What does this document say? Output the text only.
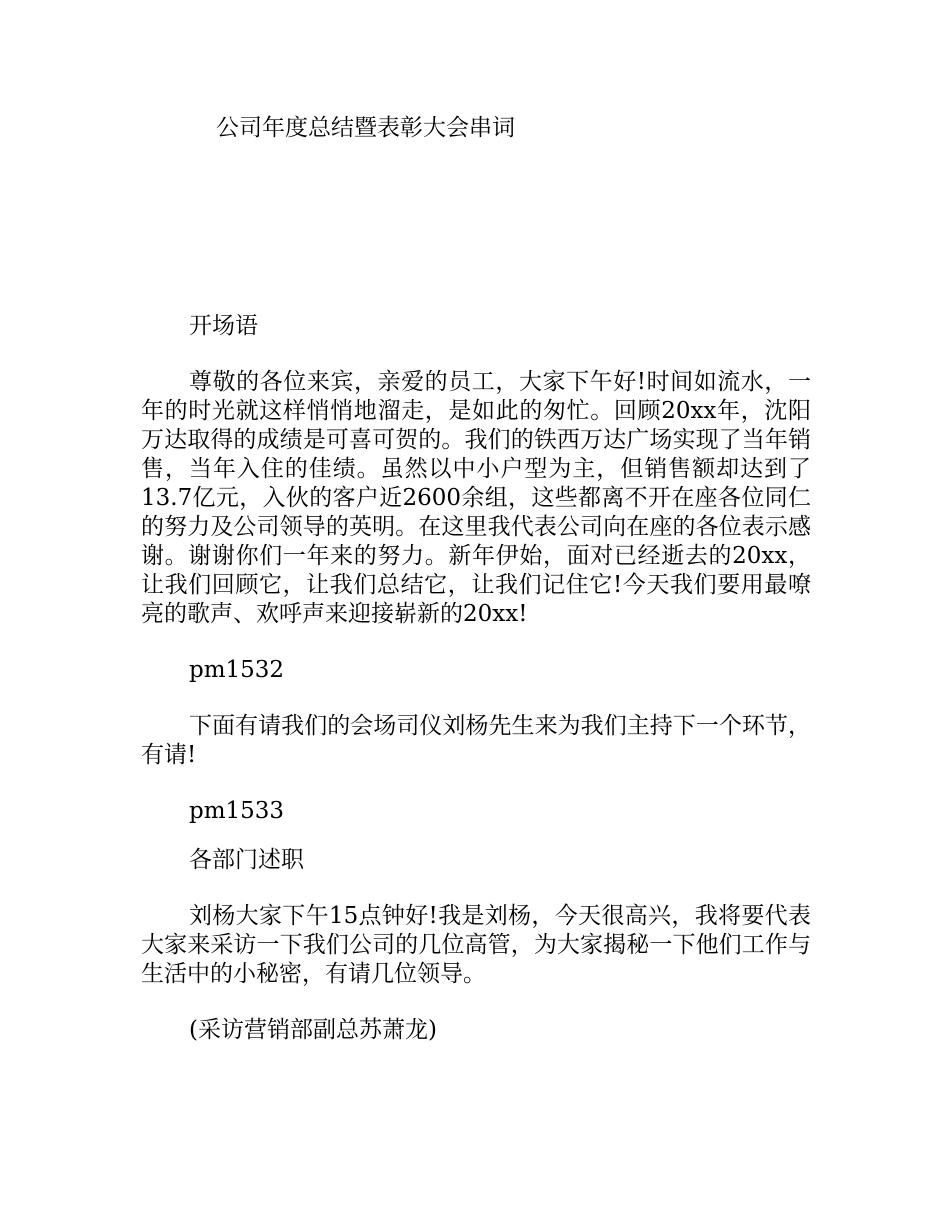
公司年度总结暨表彰大会串词

开场语

尊敬的各位来宾，亲爱的员工，大家下午好!时间如流水，一年的时光就这样悄悄地溜走，是如此的匆忙。回顾20xx年，沈阳万达取得的成绩是可喜可贺的。我们的铁西万达广场实现了当年销售，当年入住的佳绩。虽然以中小户型为主，但销售额却达到了13.7亿元，入伙的客户近2600余组，这些都离不开在座各位同仁的努力及公司领导的英明。在这里我代表公司向在座的各位表示感谢。谢谢你们一年来的努力。新年伊始，面对已经逝去的20xx，让我们回顾它，让我们总结它，让我们记住它!今天我们要用最嘹亮的歌声、欢呼声来迎接崭新的20xx!

pm1532

下面有请我们的会场司仪刘杨先生来为我们主持下一个环节，有请!

pm1533

各部门述职

刘杨大家下午15点钟好!我是刘杨，今天很高兴，我将要代表大家来采访一下我们公司的几位高管，为大家揭秘一下他们工作与生活中的小秘密，有请几位领导。

(采访营销部副总苏萧龙)
